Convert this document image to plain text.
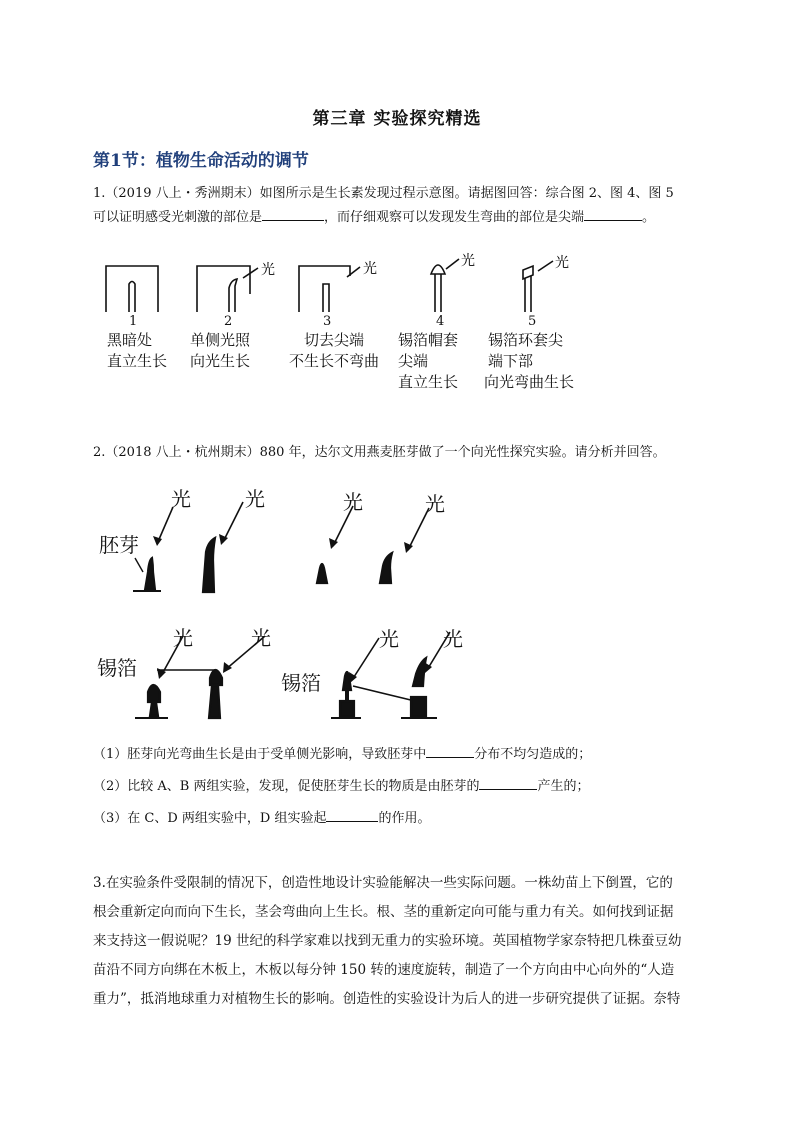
第三章 实验探究精选
第1节：植物生命活动的调节
1.（2019 八上・秀洲期末）如图所示是生长素发现过程示意图。请据图回答：综合图 2、图 4、图 5
可以证明感受光刺激的部位是	，而仔细观察可以发现发生弯曲的部位是尖端	。
光	光	光	光
1	2	3	4	5
黑暗处
直立生长
单侧光照
向光生长
切去尖端
不生长不弯曲
锡箔帽套
尖端
直立生长
锡箔环套尖
端下部
向光弯曲生长
2.（2018 八上・杭州期末）880 年，达尔文用燕麦胚芽做了一个向光性探究实验。请分析并回答。
胚芽
锡箔
锡箔
光	光	光	光
光	光	光 光
（1）胚芽向光弯曲生长是由于受单侧光影响，导致胚芽中	分布不均匀造成的；
（2）比较 A、B 两组实验，发现，促使胚芽生长的物质是由胚芽的	产生的；
（3）在 C、D 两组实验中，D 组实验起	的作用。
3.在实验条件受限制的情况下，创造性地设计实验能解决一些实际问题。一株幼苗上下倒置，它的
根会重新定向而向下生长，茎会弯曲向上生长。根、茎的重新定向可能与重力有关。如何找到证据
来支持这一假说呢？19 世纪的科学家难以找到无重力的实验环境。英国植物学家奈特把几株蚕豆幼
苗沿不同方向绑在木板上，木板以每分钟 150 转的速度旋转，制造了一个方向由中心向外的“人造
重力”，抵消地球重力对植物生长的影响。创造性的实验设计为后人的进一步研究提供了证据。奈特
